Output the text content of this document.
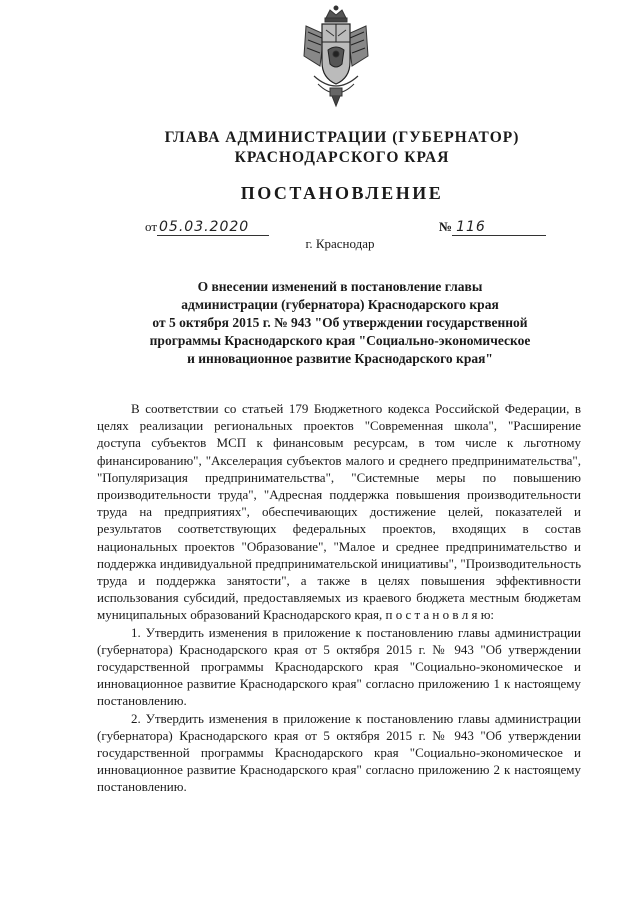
ГЛАВА АДМИНИСТРАЦИИ (ГУБЕРНАТОР)
КРАСНОДАРСКОГО КРАЯ
ПОСТАНОВЛЕНИЕ
от 05.03.2020	№ 116
г. Краснодар
О внесении изменений в постановление главы
администрации (губернатора) Краснодарского края
от 5 октября 2015 г. № 943 "Об утверждении государственной
программы Краснодарского края "Социально-экономическое
и инновационное развитие Краснодарского края"

В соответствии со статьей 179 Бюджетного кодекса Российской Федерации, в целях реализации региональных проектов "Современная школа", "Расширение доступа субъектов МСП к финансовым ресурсам, в том числе к льготному финансированию", "Акселерация субъектов малого и среднего предпринимательства", "Популяризация предпринимательства", "Системные меры по повышению производительности труда", "Адресная поддержка повышения производительности труда на предприятиях", обеспечивающих достижение целей, показателей и результатов соответствующих федеральных проектов, входящих в состав национальных проектов "Образование", "Малое и среднее предпринимательство и поддержка индивидуальной предпринимательской инициативы", "Производительность труда и поддержка занятости", а также в целях повышения эффективности использования субсидий, предоставляемых из краевого бюджета местным бюджетам муниципальных образований Краснодарского края, п о с т а н о в л я ю:

1. Утвердить изменения в приложение к постановлению главы администрации (губернатора) Краснодарского края от 5 октября 2015 г. № 943 "Об утверждении государственной программы Краснодарского края "Социально-экономическое и инновационное развитие Краснодарского края" согласно приложению 1 к настоящему постановлению.

2. Утвердить изменения в приложение к постановлению главы администрации (губернатора) Краснодарского края от 5 октября 2015 г. № 943 "Об утверждении государственной программы Краснодарского края "Социально-экономическое и инновационное развитие Краснодарского края" согласно приложению 2 к настоящему постановлению.
